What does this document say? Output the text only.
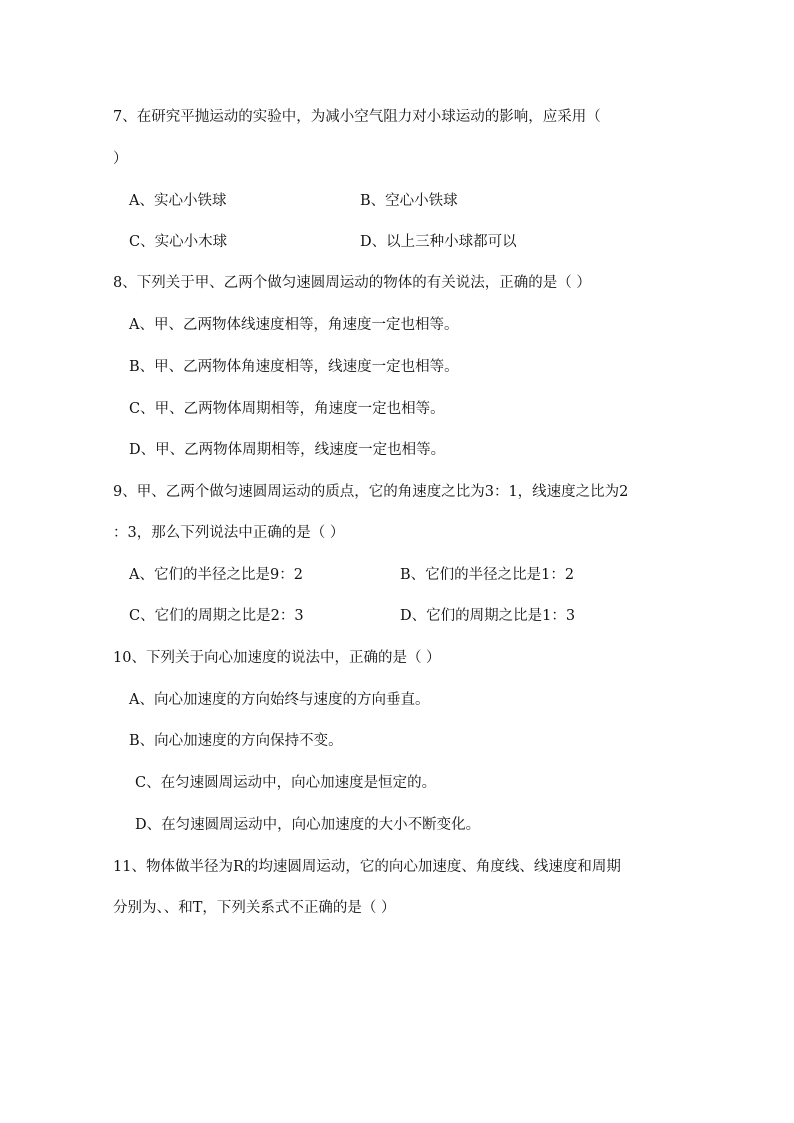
7、在研究平抛运动的实验中，为减小空气阻力对小球运动的影响，应采用（
）
A、实心小铁球	B、空心小铁球
C、实心小木球	D、以上三种小球都可以
8、下列关于甲、乙两个做匀速圆周运动的物体的有关说法，正确的是（ ）
A、甲、乙两物体线速度相等，角速度一定也相等。
B、甲、乙两物体角速度相等，线速度一定也相等。
C、甲、乙两物体周期相等，角速度一定也相等。
D、甲、乙两物体周期相等，线速度一定也相等。
9、甲、乙两个做匀速圆周运动的质点，它的角速度之比为3：1，线速度之比为2
：3，那么下列说法中正确的是（ ）
A、它们的半径之比是9：2	B、它们的半径之比是1：2
C、它们的周期之比是2：3	D、它们的周期之比是1：3
10、下列关于向心加速度的说法中，正确的是（ ）
A、向心加速度的方向始终与速度的方向垂直。
B、向心加速度的方向保持不变。
C、在匀速圆周运动中，向心加速度是恒定的。
D、在匀速圆周运动中，向心加速度的大小不断变化。
11、物体做半径为R的均速圆周运动，它的向心加速度、角度线、线速度和周期
分别为、、和T，下列关系式不正确的是（ ）
